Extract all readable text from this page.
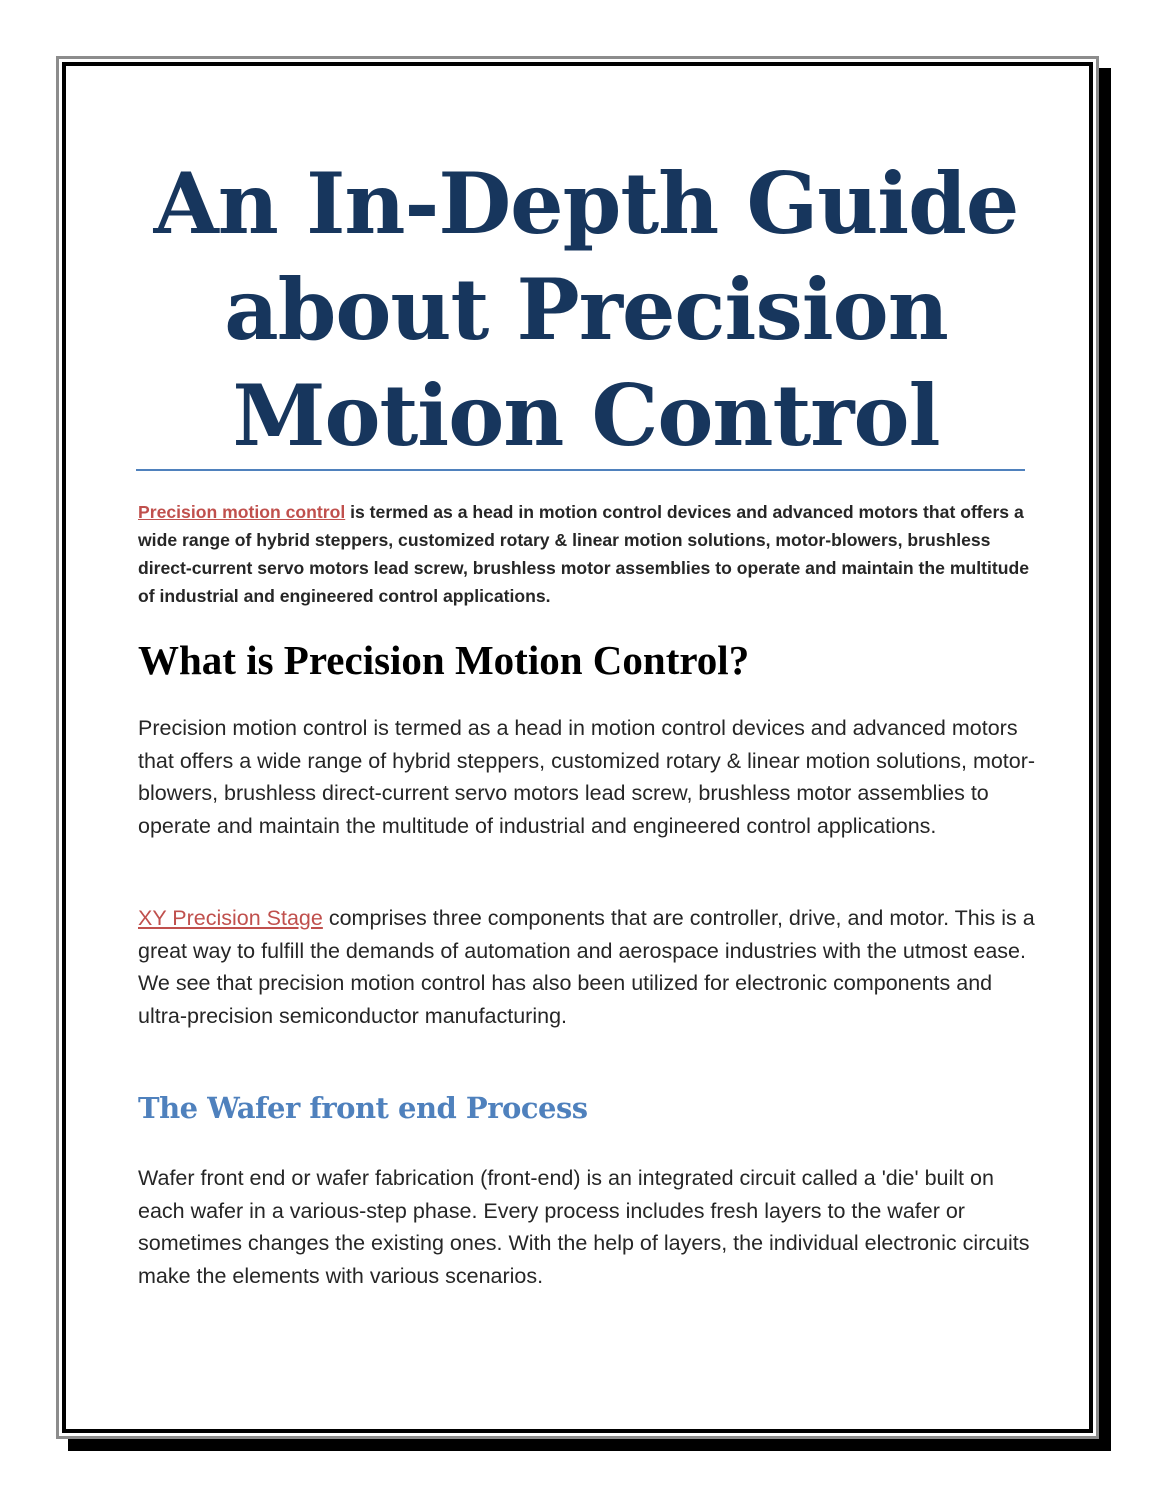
An In-Depth Guide about Precision Motion Control

Precision motion control is termed as a head in motion control devices and advanced motors that offers a wide range of hybrid steppers, customized rotary & linear motion solutions, motor-blowers, brushless direct-current servo motors lead screw, brushless motor assemblies to operate and maintain the multitude of industrial and engineered control applications.

What is Precision Motion Control?

Precision motion control is termed as a head in motion control devices and advanced motors that offers a wide range of hybrid steppers, customized rotary & linear motion solutions, motor-blowers, brushless direct-current servo motors lead screw, brushless motor assemblies to operate and maintain the multitude of industrial and engineered control applications.

XY Precision Stage comprises three components that are controller, drive, and motor. This is a great way to fulfill the demands of automation and aerospace industries with the utmost ease. We see that precision motion control has also been utilized for electronic components and ultra-precision semiconductor manufacturing.

The Wafer front end Process

Wafer front end or wafer fabrication (front-end) is an integrated circuit called a 'die' built on each wafer in a various-step phase. Every process includes fresh layers to the wafer or sometimes changes the existing ones. With the help of layers, the individual electronic circuits make the elements with various scenarios.
